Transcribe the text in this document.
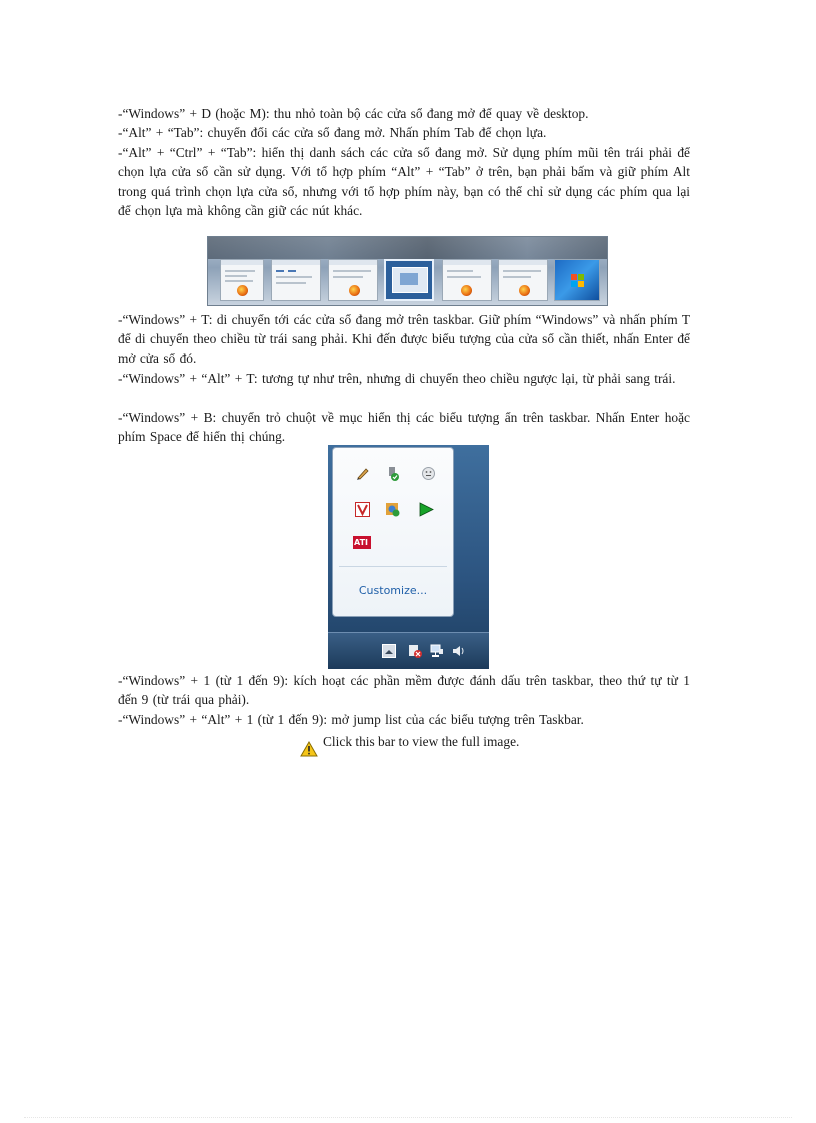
-“Windows” + D (hoặc M): thu nhỏ toàn bộ các cửa sổ đang mở để quay về desktop.

-“Alt” + “Tab”: chuyển đổi các cửa sổ đang mở. Nhấn phím Tab để chọn lựa.

-“Alt” + “Ctrl” + “Tab”: hiển thị danh sách các cửa sổ đang mở. Sử dụng phím mũi tên trái phải để chọn lựa cửa sổ cần sử dụng. Với tổ hợp phím “Alt” + “Tab” ở trên, bạn phải bấm và giữ phím Alt trong quá trình chọn lựa cửa sổ, nhưng với tổ hợp phím này, bạn có thể chỉ sử dụng các phím qua lại để chọn lựa mà không cần giữ các nút khác.

-“Windows” + T: di chuyển tới các cửa sổ đang mở trên taskbar. Giữ phím “Windows” và nhấn phím T để di chuyển theo chiều từ trái sang phải. Khi đến được biểu tượng của cửa sổ cần thiết, nhấn Enter để mở cửa sổ đó.

-“Windows” + “Alt” + T: tương tự như trên, nhưng di chuyển theo chiều ngược lại, từ phải sang trái.

-“Windows” + B: chuyển trỏ chuột về mục hiển thị các biểu tượng ẩn trên taskbar. Nhấn Enter hoặc phím Space để hiển thị chúng.

ATI
Customize...

-“Windows” + 1 (từ 1 đến 9): kích hoạt các phần mềm được đánh dấu trên taskbar, theo thứ tự từ 1 đến 9 (từ trái qua phải).

-“Windows” + “Alt” + 1 (từ 1 đến 9): mở jump list của các biểu tượng trên Taskbar.

Click this bar to view the full image.
